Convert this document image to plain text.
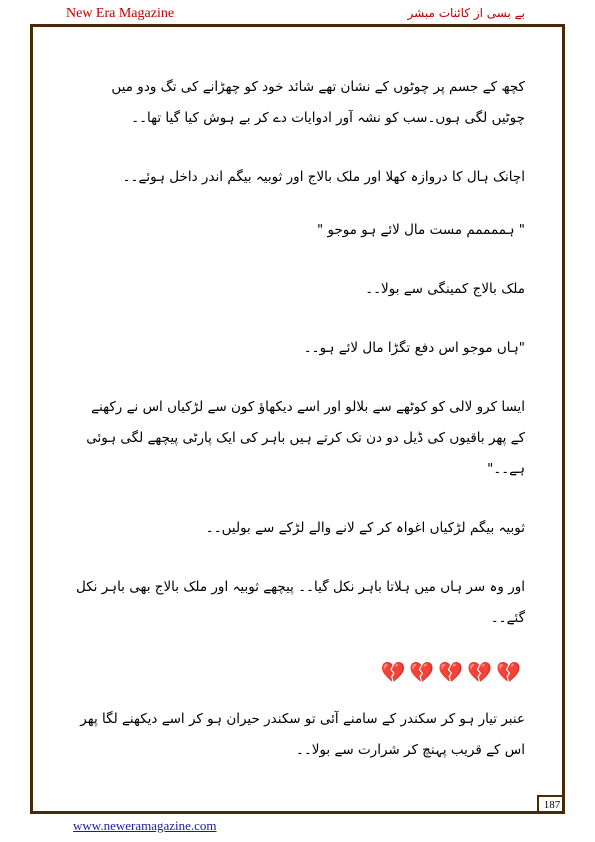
New Era Magazine	بے بسی از کائنات مبشر

کچھ کے جسم پر چوٹوں کے نشان تھے شائد خود کو چھڑانے کی تگ ودو میں چوٹیں لگی ہوں۔سب کو نشہ آور ادوایات دے کر بے ہوش کیا گیا تھا۔۔

اچانک ہال کا دروازہ کھلا اور ملک بالاج اور ثوبیہ بیگم اندر داخل ہوئے۔۔

" ہممممم مست مال لائے ہو موجو "

ملک بالاج کمینگی سے بولا۔۔

"ہاں موجو اس دفع تگڑا مال لائے ہو۔۔

ایسا کرو لالی کو کوٹھے سے بلالو اور اسے دیکھاؤ کون سے لڑکیاں اس نے رکھنے کے پھر باقیوں کی ڈیل دو دن تک کرتے ہیں باہر کی ایک پارٹی پیچھے لگی ہوئی ہے۔۔"

ثوبیہ بیگم لڑکیاں اغواہ کر کے لانے والے لڑکے سے بولیں۔۔

اور وہ سر ہاں میں ہلاتا باہر نکل گیا۔۔ پیچھے ثوبیہ اور ملک بالاج بھی باہر نکل گئے۔۔

💔💔💔💔💔

عنبر تیار ہو کر سکندر کے سامنے آئی تو سکندر حیران ہو کر اسے دیکھنے لگا پھر اس کے قریب پہنچ کر شرارت سے بولا۔۔

187
www.neweramagazine.com
